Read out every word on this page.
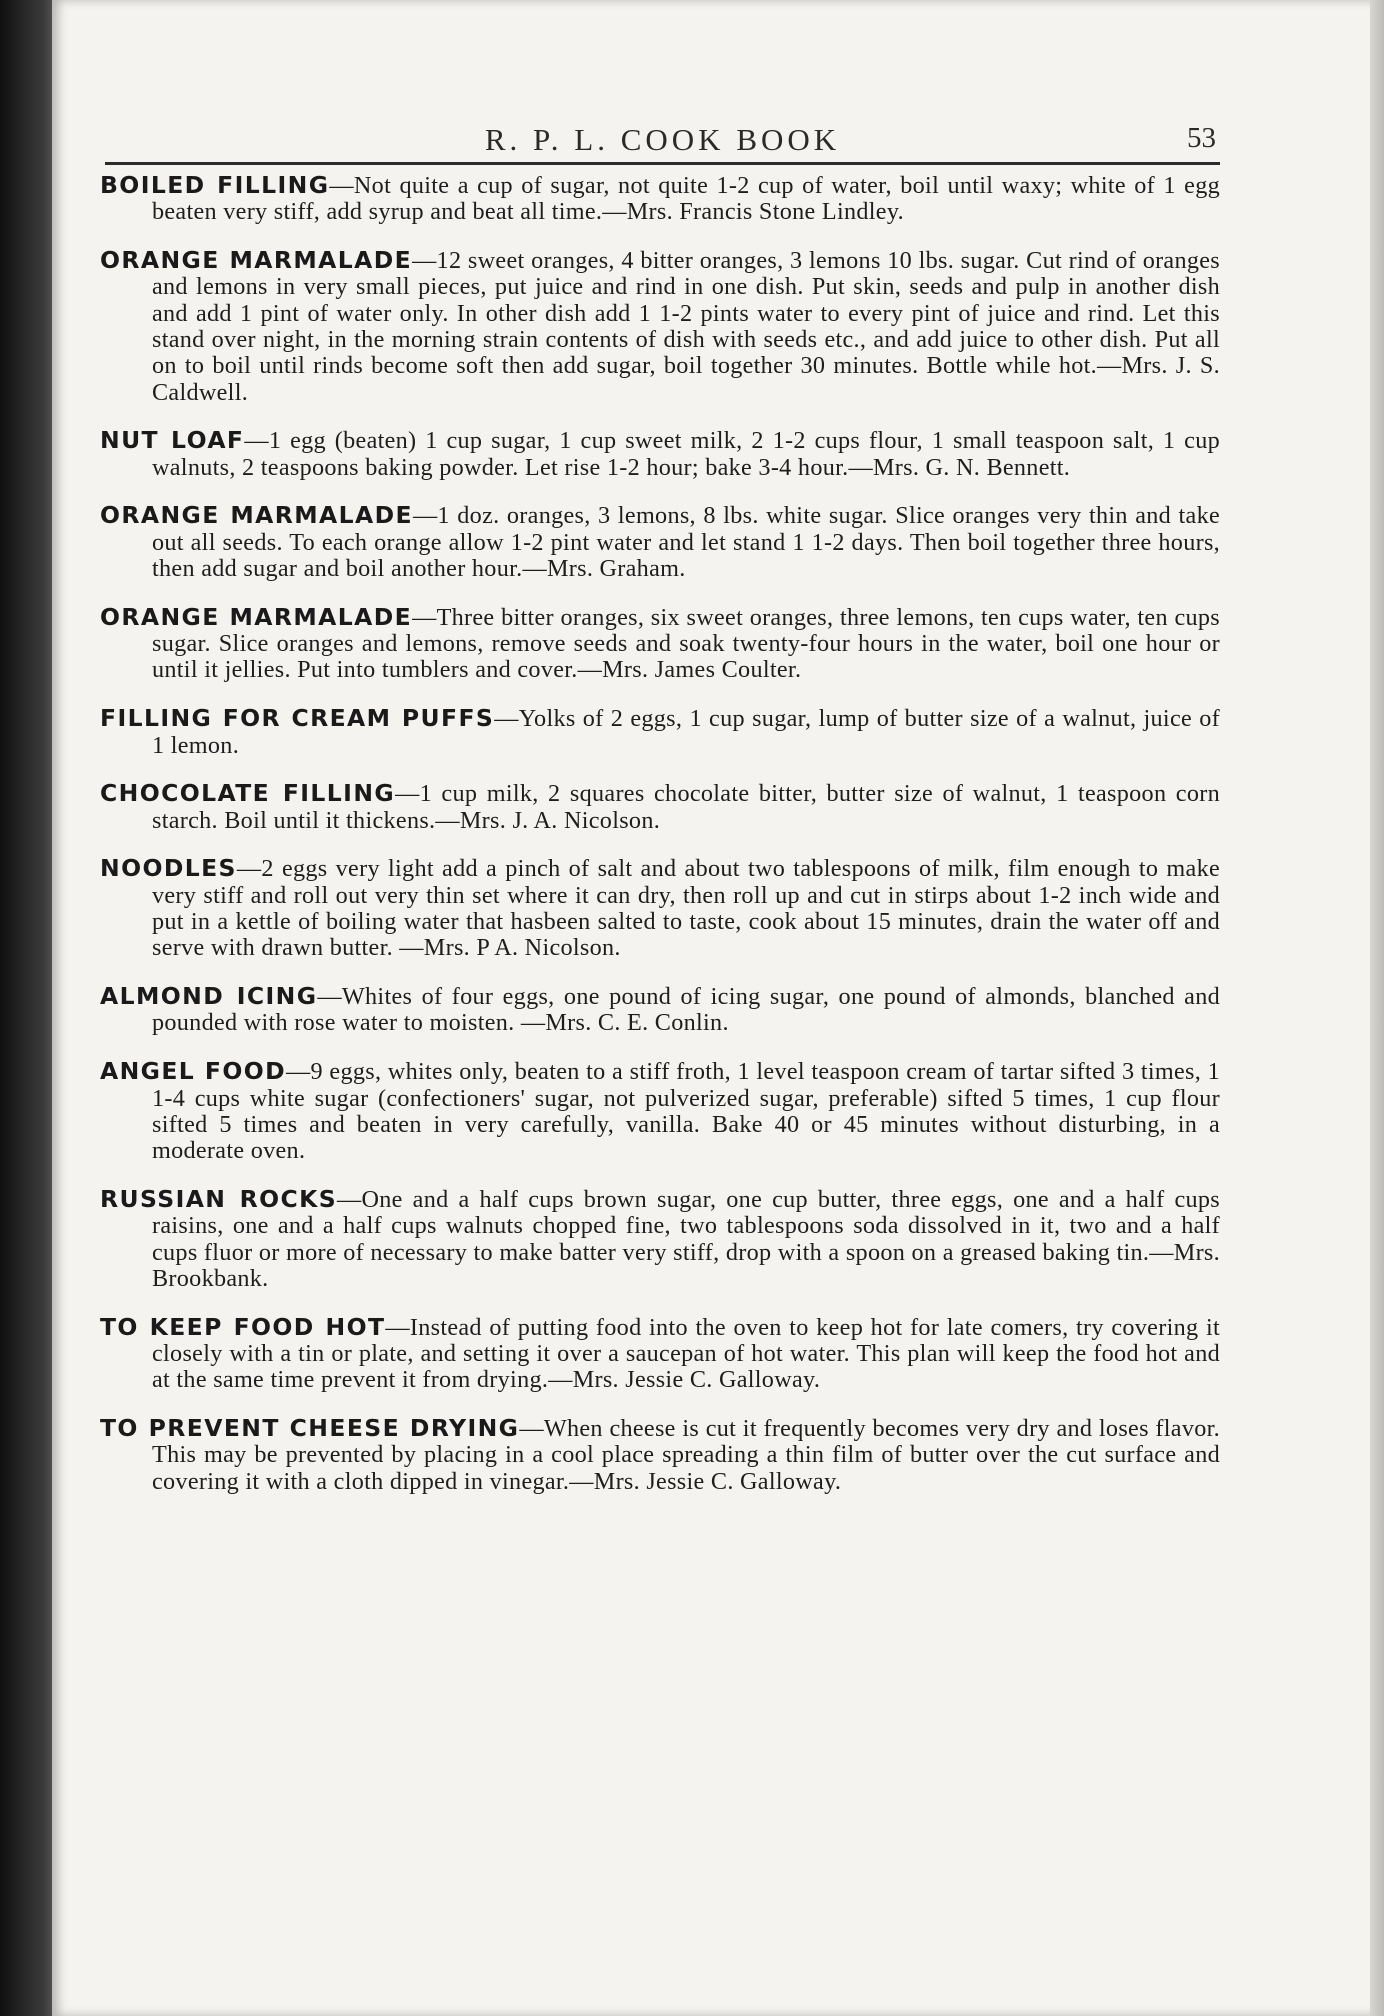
R. P. L. COOK BOOK	53

BOILED FILLING—Not quite a cup of sugar, not quite 1-2 cup of water, boil until waxy; white of 1 egg beaten very stiff, add syrup and beat all time.—Mrs. Francis Stone Lindley.

ORANGE MARMALADE—12 sweet oranges, 4 bitter oranges, 3 lemons 10 lbs. sugar. Cut rind of oranges and lemons in very small pieces, put juice and rind in one dish. Put skin, seeds and pulp in another dish and add 1 pint of water only. In other dish add 1 1-2 pints water to every pint of juice and rind. Let this stand over night, in the morning strain contents of dish with seeds etc., and add juice to other dish. Put all on to boil until rinds become soft then add sugar, boil together 30 minutes. Bottle while hot.—Mrs. J. S. Caldwell.

NUT LOAF—1 egg (beaten) 1 cup sugar, 1 cup sweet milk, 2 1-2 cups flour, 1 small teaspoon salt, 1 cup walnuts, 2 teaspoons baking powder. Let rise 1-2 hour; bake 3-4 hour.—Mrs. G. N. Bennett.

ORANGE MARMALADE—1 doz. oranges, 3 lemons, 8 lbs. white sugar. Slice oranges very thin and take out all seeds. To each orange allow 1-2 pint water and let stand 1 1-2 days. Then boil together three hours, then add sugar and boil another hour.—Mrs. Graham.

ORANGE MARMALADE—Three bitter oranges, six sweet oranges, three lemons, ten cups water, ten cups sugar. Slice oranges and lemons, remove seeds and soak twenty-four hours in the water, boil one hour or until it jellies. Put into tumblers and cover.—Mrs. James Coulter.

FILLING FOR CREAM PUFFS—Yolks of 2 eggs, 1 cup sugar, lump of butter size of a walnut, juice of 1 lemon.

CHOCOLATE FILLING—1 cup milk, 2 squares chocolate bitter, butter size of walnut, 1 teaspoon corn starch. Boil until it thickens.—Mrs. J. A. Nicolson.

NOODLES—2 eggs very light add a pinch of salt and about two tablespoons of milk, film enough to make very stiff and roll out very thin set where it can dry, then roll up and cut in stirps about 1-2 inch wide and put in a kettle of boiling water that hasbeen salted to taste, cook about 15 minutes, drain the water off and serve with drawn butter. —Mrs. P A. Nicolson.

ALMOND ICING—Whites of four eggs, one pound of icing sugar, one pound of almonds, blanched and pounded with rose water to moisten. —Mrs. C. E. Conlin.

ANGEL FOOD—9 eggs, whites only, beaten to a stiff froth, 1 level teaspoon cream of tartar sifted 3 times, 1 1-4 cups white sugar (confectioners' sugar, not pulverized sugar, preferable) sifted 5 times, 1 cup flour sifted 5 times and beaten in very carefully, vanilla. Bake 40 or 45 minutes without disturbing, in a moderate oven.

RUSSIAN ROCKS—One and a half cups brown sugar, one cup butter, three eggs, one and a half cups raisins, one and a half cups walnuts chopped fine, two tablespoons soda dissolved in it, two and a half cups fluor or more of necessary to make batter very stiff, drop with a spoon on a greased baking tin.—Mrs. Brookbank.

TO KEEP FOOD HOT—Instead of putting food into the oven to keep hot for late comers, try covering it closely with a tin or plate, and setting it over a saucepan of hot water. This plan will keep the food hot and at the same time prevent it from drying.—Mrs. Jessie C. Galloway.

TO PREVENT CHEESE DRYING—When cheese is cut it frequently becomes very dry and loses flavor. This may be prevented by placing in a cool place spreading a thin film of butter over the cut surface and covering it with a cloth dipped in vinegar.—Mrs. Jessie C. Galloway.
